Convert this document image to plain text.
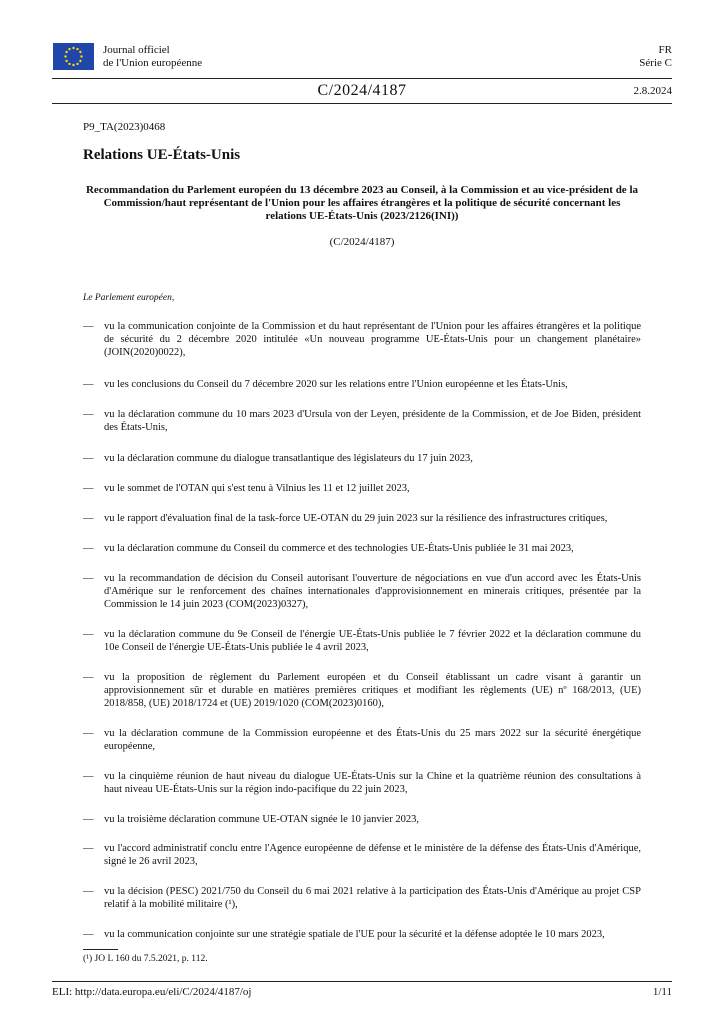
Journal officiel
de l'Union européenne
FR
Série C
C/2024/4187	2.8.2024
P9_TA(2023)0468
Relations UE-États-Unis
Recommandation du Parlement européen du 13 décembre 2023 au Conseil, à la Commission et au vice-président de la Commission/haut représentant de l'Union pour les affaires étrangères et la politique de sécurité concernant les relations UE-États-Unis (2023/2126(INI))
(C/2024/4187)
Le Parlement européen,
— vu la communication conjointe de la Commission et du haut représentant de l'Union pour les affaires étrangères et la politique de sécurité du 2 décembre 2020 intitulée «Un nouveau programme UE-États-Unis pour un changement planétaire» (JOIN(2020)0022),
— vu les conclusions du Conseil du 7 décembre 2020 sur les relations entre l'Union européenne et les États-Unis,
— vu la déclaration commune du 10 mars 2023 d'Ursula von der Leyen, présidente de la Commission, et de Joe Biden, président des États-Unis,
— vu la déclaration commune du dialogue transatlantique des législateurs du 17 juin 2023,
— vu le sommet de l'OTAN qui s'est tenu à Vilnius les 11 et 12 juillet 2023,
— vu le rapport d'évaluation final de la task-force UE-OTAN du 29 juin 2023 sur la résilience des infrastructures critiques,
— vu la déclaration commune du Conseil du commerce et des technologies UE-États-Unis publiée le 31 mai 2023,
— vu la recommandation de décision du Conseil autorisant l'ouverture de négociations en vue d'un accord avec les États-Unis d'Amérique sur le renforcement des chaînes internationales d'approvisionnement en minerais critiques, présentée par la Commission le 14 juin 2023 (COM(2023)0327),
— vu la déclaration commune du 9e Conseil de l'énergie UE-États-Unis publiée le 7 février 2022 et la déclaration commune du 10e Conseil de l'énergie UE-États-Unis publiée le 4 avril 2023,
— vu la proposition de règlement du Parlement européen et du Conseil établissant un cadre visant à garantir un approvisionnement sûr et durable en matières premières critiques et modifiant les règlements (UE) nº 168/2013, (UE) 2018/858, (UE) 2018/1724 et (UE) 2019/1020 (COM(2023)0160),
— vu la déclaration commune de la Commission européenne et des États-Unis du 25 mars 2022 sur la sécurité énergétique européenne,
— vu la cinquième réunion de haut niveau du dialogue UE-États-Unis sur la Chine et la quatrième réunion des consultations à haut niveau UE-États-Unis sur la région indo-pacifique du 22 juin 2023,
— vu la troisième déclaration commune UE-OTAN signée le 10 janvier 2023,
— vu l'accord administratif conclu entre l'Agence européenne de défense et le ministère de la défense des États-Unis d'Amérique, signé le 26 avril 2023,
— vu la décision (PESC) 2021/750 du Conseil du 6 mai 2021 relative à la participation des États-Unis d'Amérique au projet CSP relatif à la mobilité militaire (¹),
— vu la communication conjointe sur une stratégie spatiale de l'UE pour la sécurité et la défense adoptée le 10 mars 2023,
(¹) JO L 160 du 7.5.2021, p. 112.
ELI: http://data.europa.eu/eli/C/2024/4187/oj	1/11
